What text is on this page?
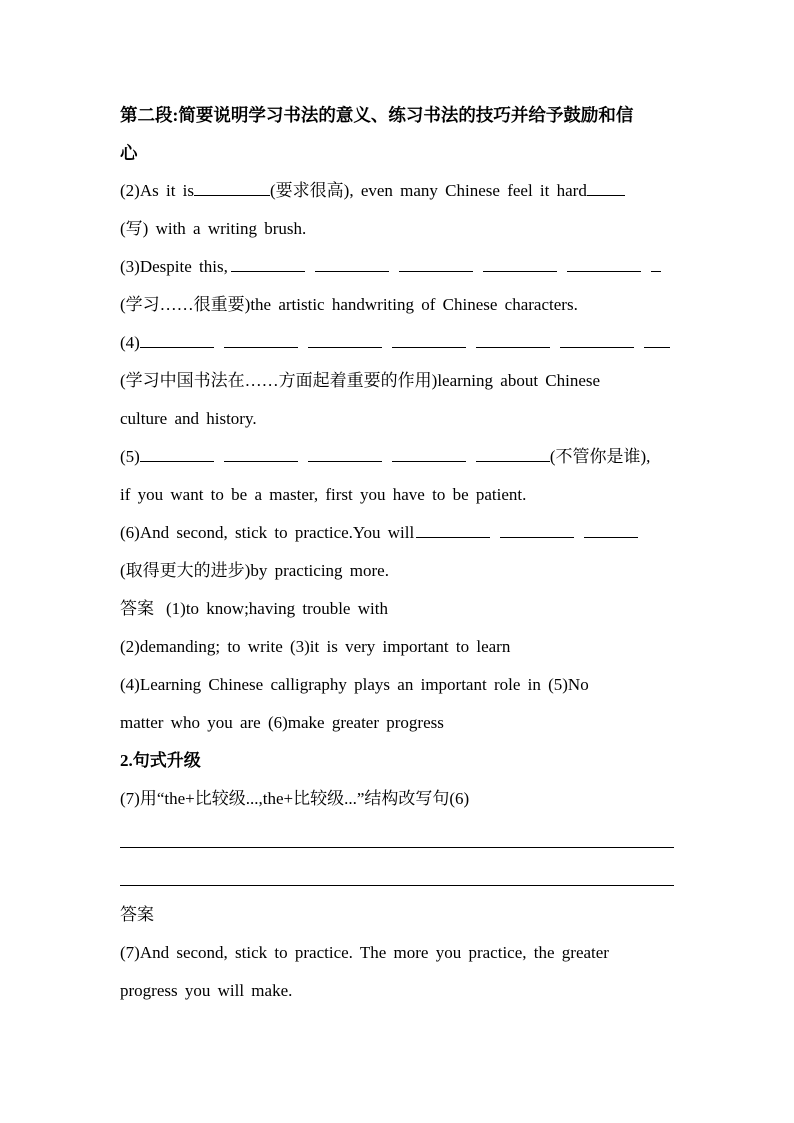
第二段:简要说明学习书法的意义、练习书法的技巧并给予鼓励和信
心
(2)As it is	(要求很高), even many Chinese feel it hard
(写) with a writing brush.
(3)Despite this,
(学习……很重要)the artistic handwriting of Chinese characters.
(4)
(学习中国书法在……方面起着重要的作用)learning about Chinese
culture and history.
(5)	(不管你是谁),
if you want to be a master, first you have to be patient.
(6)And second, stick to practice.You will
(取得更大的进步)by practicing more.
答案 (1)to know;having trouble with
(2)demanding; to write (3)it is very important to learn
(4)Learning Chinese calligraphy plays an important role in (5)No
matter who you are (6)make greater progress
2.句式升级
(7)用“the+比较级...,the+比较级...”结构改写句(6)
答案
(7)And second, stick to practice. The more you practice, the greater
progress you will make.
